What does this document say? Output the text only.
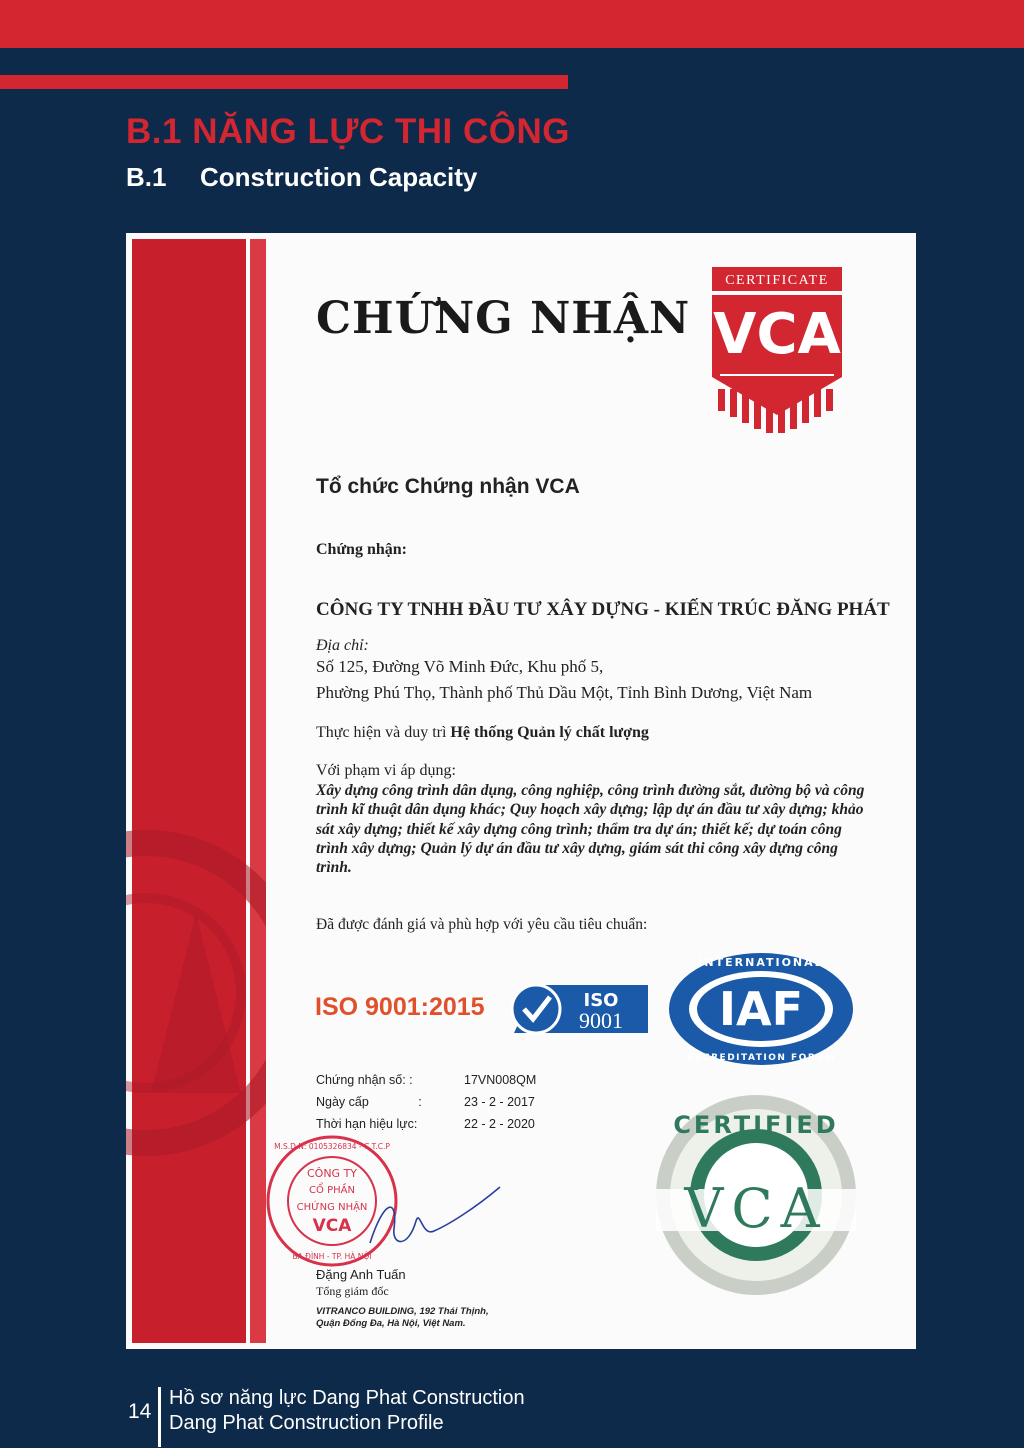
B.1 NĂNG LỰC THI CÔNG
B.1 Construction Capacity
CHỨNG NHẬN
CERTIFICATE
VCA
Tổ chức Chứng nhận VCA
Chứng nhận:
CÔNG TY TNHH ĐẦU TƯ XÂY DỰNG - KIẾN TRÚC ĐĂNG PHÁT
Địa chỉ:
Số 125, Đường Võ Minh Đức, Khu phố 5,
Phường Phú Thọ, Thành phố Thủ Dầu Một, Tỉnh Bình Dương, Việt Nam
Thực hiện và duy trì Hệ thống Quản lý chất lượng
Với phạm vi áp dụng:
Xây dựng công trình dân dụng, công nghiệp, công trình đường sắt, đường bộ và công trình kĩ thuật dân dụng khác; Quy hoạch xây dựng; lập dự án đầu tư xây dựng; khảo sát xây dựng; thiết kế xây dựng công trình; thẩm tra dự án; thiết kế; dự toán công trình xây dựng; Quản lý dự án đầu tư xây dựng, giám sát thi công xây dựng công trình.
Đã được đánh giá và phù hợp với yêu cầu tiêu chuẩn:
ISO 9001:2015	ISO
9001 IAF
INTERNATIONAL
ACCREDITATION FORUM
Chứng nhận số: :	17VN008QM
Ngày cấp	:	23 - 2 - 2017
Thời hạn hiệu lực:	22 - 2 - 2020
M.S.D.N: 0105326834 - C.T.C.P
CÔNG TY
CỔ PHẦN
CHỨNG NHẬN
VCA
BA ĐÌNH - TP. HÀ NỘI
Đặng Anh Tuấn
Tổng giám đốc
VITRANCO BUILDING, 192 Thái Thịnh,
Quận Đống Đa, Hà Nội, Việt Nam.
CERTIFIED
VCA
14
Hồ sơ năng lực Dang Phat Construction
Dang Phat Construction Profile
